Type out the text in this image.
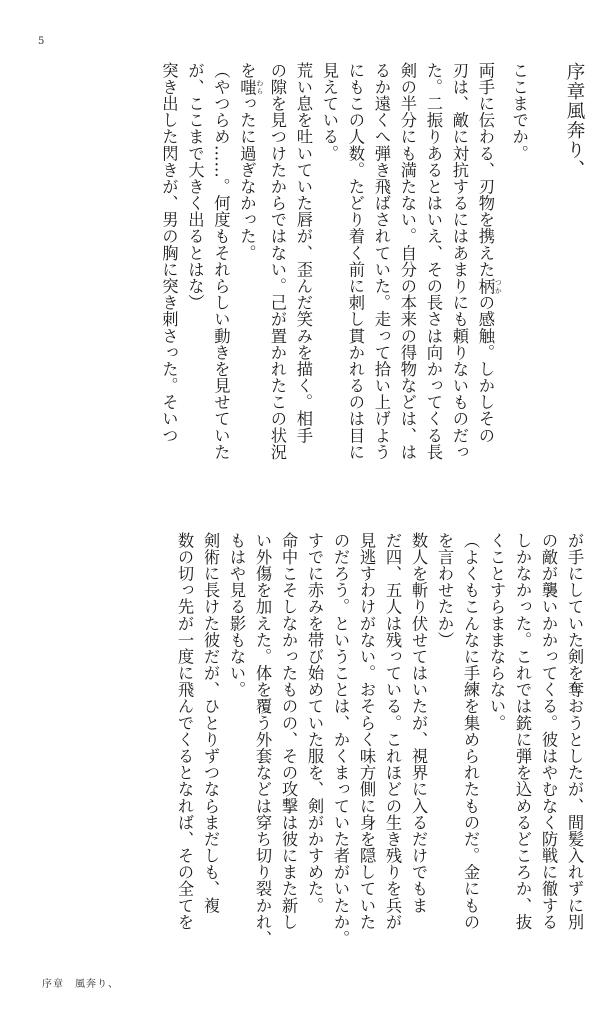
5
序章風奔り、
ここまでか。
両手に伝わる、刃物を携えた柄 つかの感触。しかしその
刃は、敵に対抗するにはあまりにも頼りないものだっ
た。二振りあるとはいえ、その長さは向かってくる長
剣の半分にも満たない。自分の本来の得物などは、は
るか遠くへ弾き飛ばされていた。走って拾い上げよう
にもこの人数。たどり着く前に刺し貫かれるのは目に
見えている。
荒い息を吐いていた唇が、歪んだ笑みを描く。相手
の隙を見つけたからではない。己が置かれたこの状況
を嗤 わらったに過ぎなかった。
（やつらめ……。何度もそれらしい動きを見せていた
が、ここまで大きく出るとはな）
突き出した閃きが、男の胸に突き刺さった。そいつ
が手にしていた剣を奪おうとしたが、間髪入れずに別
の敵が襲いかかってくる。彼はやむなく防戦に徹する
しかなかった。これでは銃に弾を込めるどころか、抜
くことすらままならない。
（よくもこんなに手練を集められたものだ。金にもの
を言わせたか）
数人を斬り伏せてはいたが、視界に入るだけでもま
だ四、五人は残っている。これほどの生き残りを兵が
見逃すわけがない。おそらく味方側に身を隠していた
のだろう。ということは、かくまっていた者がいたか。
すでに赤みを帯び始めていた服を、剣がかすめた。
命中こそしなかったものの、その攻撃は彼にまた新し
い外傷を加えた。体を覆う外套などは穿ち切り裂かれ、
もはや見る影もない。
剣術に長けた彼だが、ひとりずつならまだしも、複
数の切っ先が一度に飛んでくるとなれば、その全てを
序章　風奔り、
